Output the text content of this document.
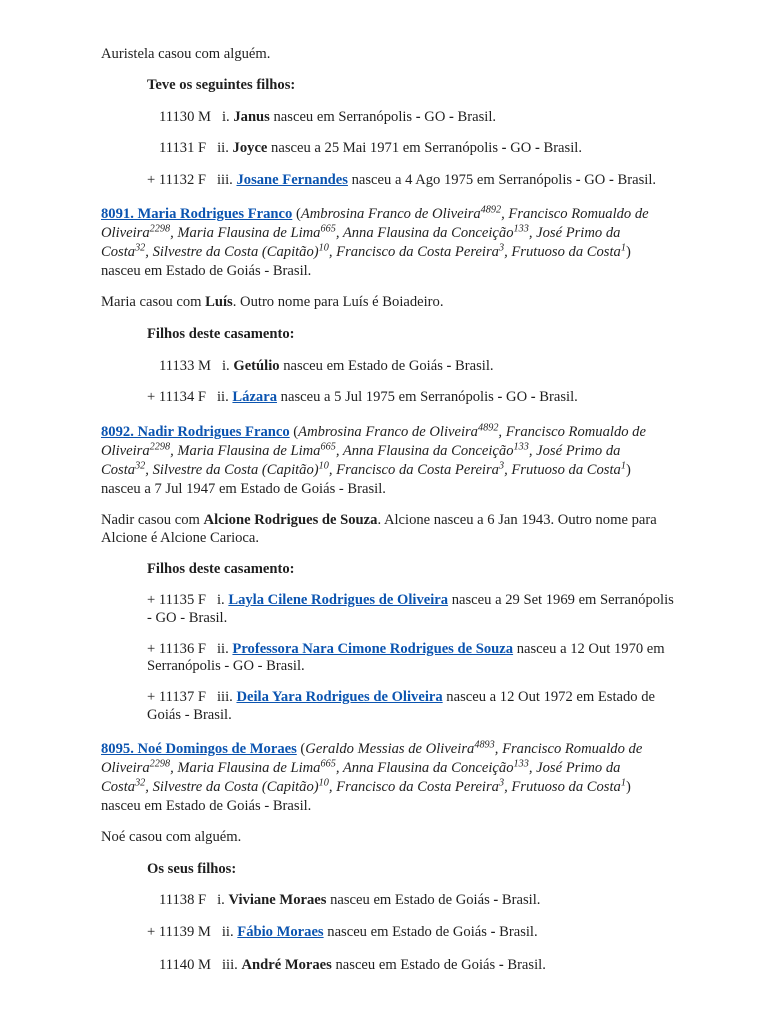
Auristela casou com alguém.
Teve os seguintes filhos:
11130 M i. Janus nasceu em Serranópolis - GO - Brasil.
11131 F ii. Joyce nasceu a 25 Mai 1971 em Serranópolis - GO - Brasil.
+ 11132 F iii. Josane Fernandes nasceu a 4 Ago 1975 em Serranópolis - GO - Brasil.
8091. Maria Rodrigues Franco (Ambrosina Franco de Oliveira$^{4892}$, Francisco Romualdo de
Oliveira$^{2298}$, Maria Flausina de Lima$^{665}$, Anna Flausina da Conceição$^{133}$, José Primo da
Costa$^{32}$, Silvestre da Costa (Capitão)$^{10}$, Francisco da Costa Pereira$^3$, Frutuoso da Costa$^1$)
nasceu em Estado de Goiás - Brasil.
Maria casou com Luís. Outro nome para Luís é Boiadeiro.
Filhos deste casamento:
11133 M i. Getúlio nasceu em Estado de Goiás - Brasil.
+ 11134 F ii. Lázara nasceu a 5 Jul 1975 em Serranópolis - GO - Brasil.
8092. Nadir Rodrigues Franco (Ambrosina Franco de Oliveira$^{4892}$, Francisco Romualdo de
Oliveira$^{2298}$, Maria Flausina de Lima$^{665}$, Anna Flausina da Conceição$^{133}$, José Primo da
Costa$^{32}$, Silvestre da Costa (Capitão)$^{10}$, Francisco da Costa Pereira$^3$, Frutuoso da Costa$^1$)
nasceu a 7 Jul 1947 em Estado de Goiás - Brasil.
Nadir casou com Alcione Rodrigues de Souza. Alcione nasceu a 6 Jan 1943. Outro nome para
Alcione é Alcione Carioca.
Filhos deste casamento:
+ 11135 F i. Layla Cilene Rodrigues de Oliveira nasceu a 29 Set 1969 em Serranópolis
- GO - Brasil.
+ 11136 F ii. Professora Nara Cimone Rodrigues de Souza nasceu a 12 Out 1970 em
Serranópolis - GO - Brasil.
+ 11137 F iii. Deila Yara Rodrigues de Oliveira nasceu a 12 Out 1972 em Estado de
Goiás - Brasil.
8095. Noé Domingos de Moraes (Geraldo Messias de Oliveira$^{4893}$, Francisco Romualdo de
Oliveira$^{2298}$, Maria Flausina de Lima$^{665}$, Anna Flausina da Conceição$^{133}$, José Primo da
Costa$^{32}$, Silvestre da Costa (Capitão)$^{10}$, Francisco da Costa Pereira$^3$, Frutuoso da Costa$^1$)
nasceu em Estado de Goiás - Brasil.
Noé casou com alguém.
Os seus filhos:
11138 F i. Viviane Moraes nasceu em Estado de Goiás - Brasil.
+ 11139 M ii. Fábio Moraes nasceu em Estado de Goiás - Brasil.
11140 M iii. André Moraes nasceu em Estado de Goiás - Brasil.
